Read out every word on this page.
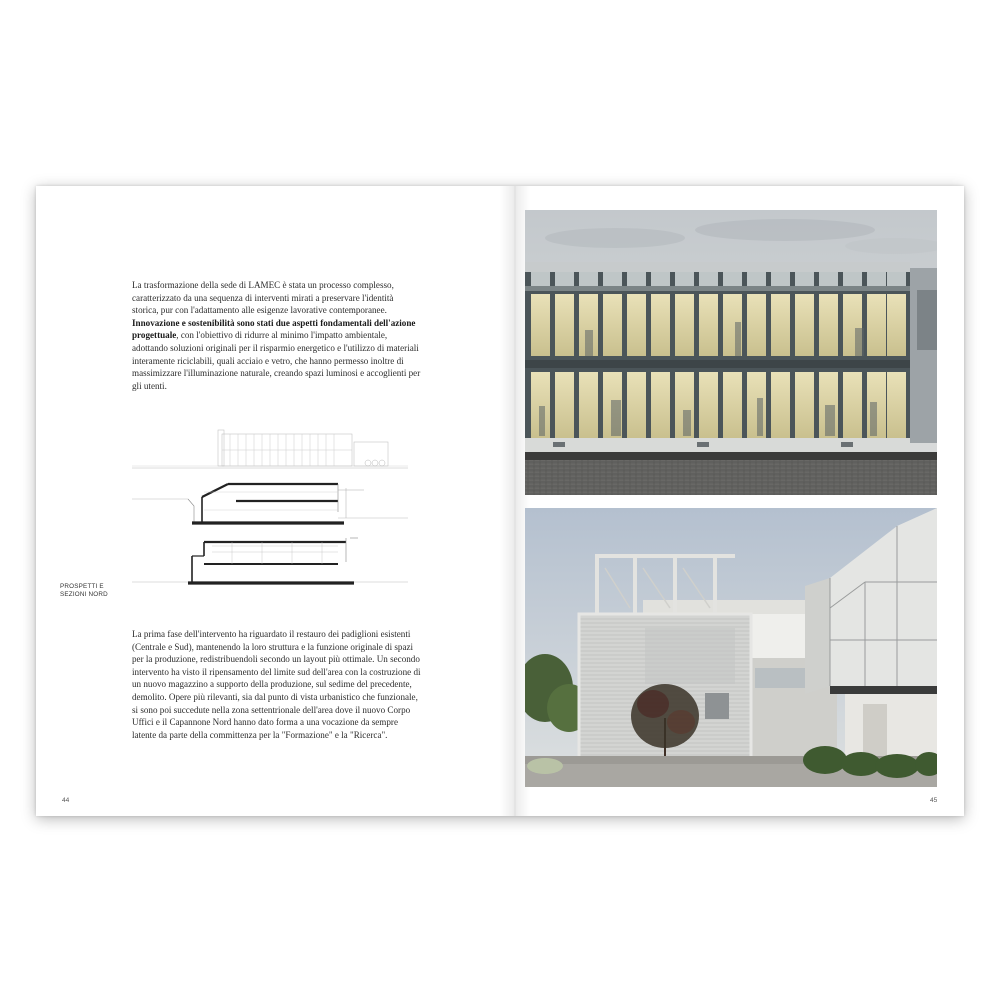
La trasformazione della sede di LAMEC è stata un processo complesso, caratterizzato da una sequenza di interventi mirati a preservare l'identità storica, pur con l'adattamento alle esigenze lavorative contemporanee. Innovazione e sostenibilità sono stati due aspetti fondamentali dell'azione progettuale, con l'obiettivo di ridurre al minimo l'impatto ambientale, adottando soluzioni originali per il risparmio energetico e l'utilizzo di materiali interamente riciclabili, quali acciaio e vetro, che hanno permesso inoltre di massimizzare l'illuminazione naturale, creando spazi luminosi e accoglienti per gli utenti.

PROSPETTI E SEZIONI NORD

La prima fase dell'intervento ha riguardato il restauro dei padiglioni esistenti (Centrale e Sud), mantenendo la loro struttura e la funzione originale di spazi per la produzione, redistribuendoli secondo un layout più ottimale. Un secondo intervento ha visto il ripensamento del limite sud dell'area con la costruzione di un nuovo magazzino a supporto della produzione, sul sedime del precedente, demolito. Opere più rilevanti, sia dal punto di vista urbanistico che funzionale, si sono poi succedute nella zona settentrionale dell'area dove il nuovo Corpo Uffici e il Capannone Nord hanno dato forma a una vocazione da sempre latente da parte della committenza per la "Formazione" e la "Ricerca".

44	45
